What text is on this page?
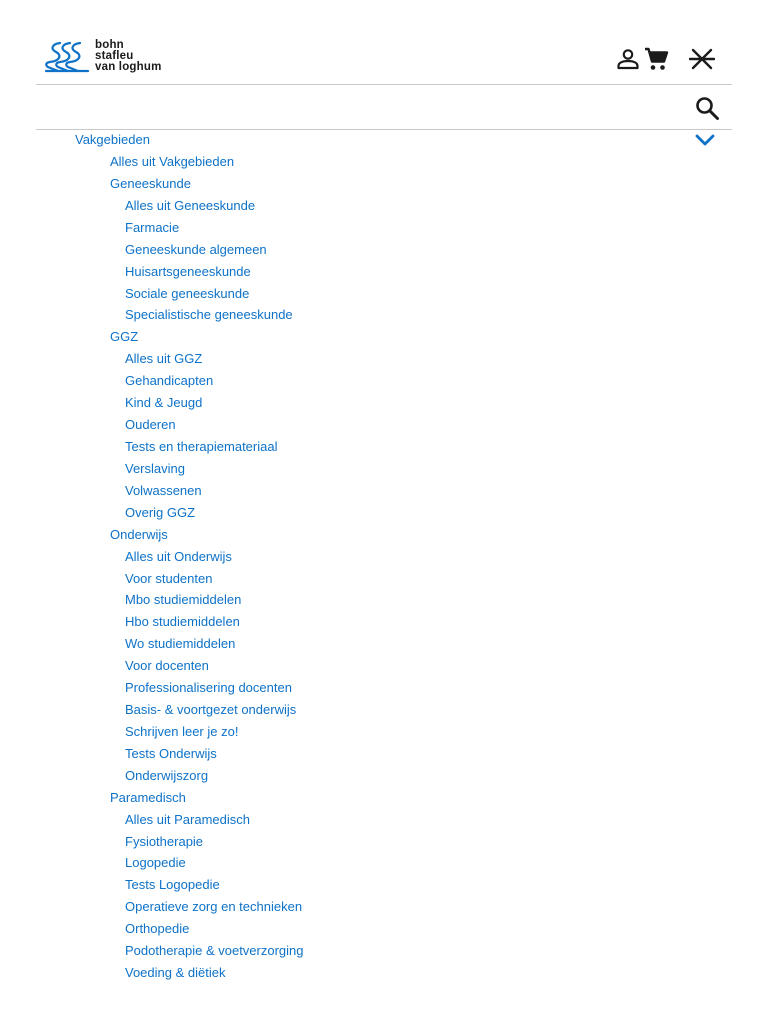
bohn
stafleu
van loghum
Vakgebieden
Alles uit Vakgebieden
Geneeskunde
Alles uit Geneeskunde
Farmacie
Geneeskunde algemeen
Huisartsgeneeskunde
Sociale geneeskunde
Specialistische geneeskunde
GGZ
Alles uit GGZ
Gehandicapten
Kind & Jeugd
Ouderen
Tests en therapiemateriaal
Verslaving
Volwassenen
Overig GGZ
Onderwijs
Alles uit Onderwijs
Voor studenten
Mbo studiemiddelen
Hbo studiemiddelen
Wo studiemiddelen
Voor docenten
Professionalisering docenten
Basis- & voortgezet onderwijs
Schrijven leer je zo!
Tests Onderwijs
Onderwijszorg
Paramedisch
Alles uit Paramedisch
Fysiotherapie
Logopedie
Tests Logopedie
Operatieve zorg en technieken
Orthopedie
Podotherapie & voetverzorging
Voeding & diëtiek
